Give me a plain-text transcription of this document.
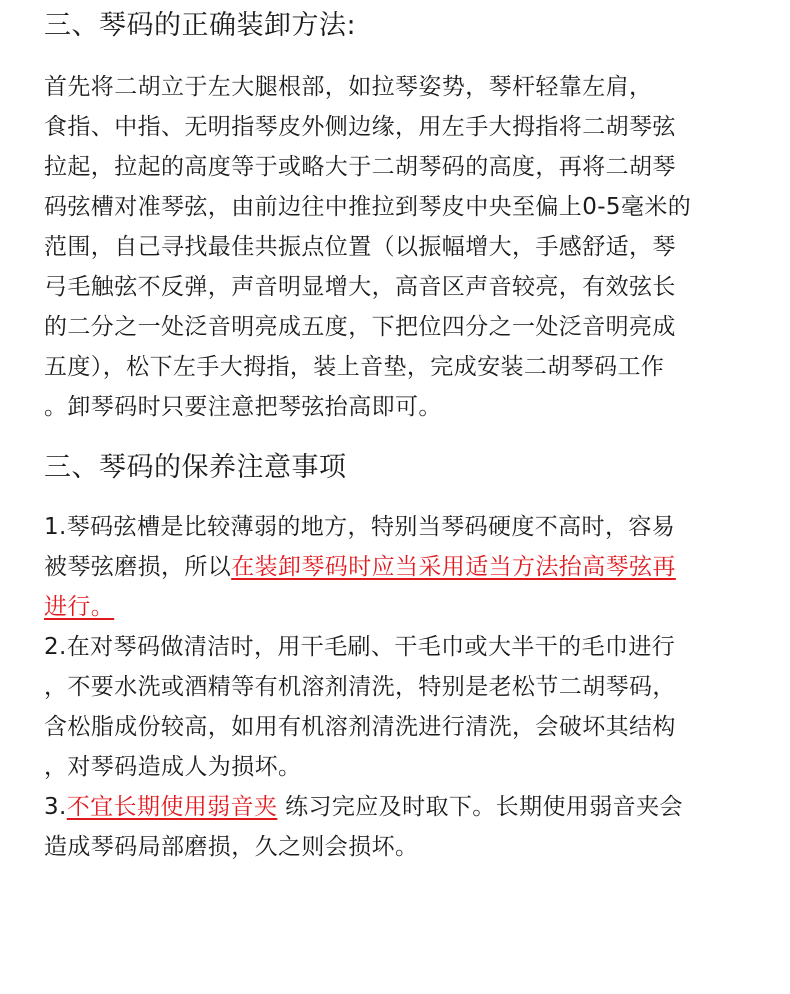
三、琴码的正确装卸方法:
首先将二胡立于左大腿根部，如拉琴姿势，琴杆轻靠左肩，
食指、中指、无明指琴皮外侧边缘，用左手大拇指将二胡琴弦
拉起，拉起的高度等于或略大于二胡琴码的高度，再将二胡琴
码弦槽对准琴弦，由前边往中推拉到琴皮中央至偏上0-5毫米的
范围，自己寻找最佳共振点位置（以振幅增大，手感舒适，琴
弓毛触弦不反弹，声音明显增大，高音区声音较亮，有效弦长
的二分之一处泛音明亮成五度，下把位四分之一处泛音明亮成
五度），松下左手大拇指，装上音垫，完成安装二胡琴码工作
。卸琴码时只要注意把琴弦抬高即可。
三、琴码的保养注意事项
1.琴码弦槽是比较薄弱的地方，特别当琴码硬度不高时，容易
被琴弦磨损，所以在装卸琴码时应当采用适当方法抬高琴弦再
进行。
2.在对琴码做清洁时，用干毛刷、干毛巾或大半干的毛巾进行
，不要水洗或酒精等有机溶剂清洗，特别是老松节二胡琴码，
含松脂成份较高，如用有机溶剂清洗进行清洗，会破坏其结构
，对琴码造成人为损坏。
3.不宜长期使用弱音夹 练习完应及时取下。长期使用弱音夹会
造成琴码局部磨损，久之则会损坏。
